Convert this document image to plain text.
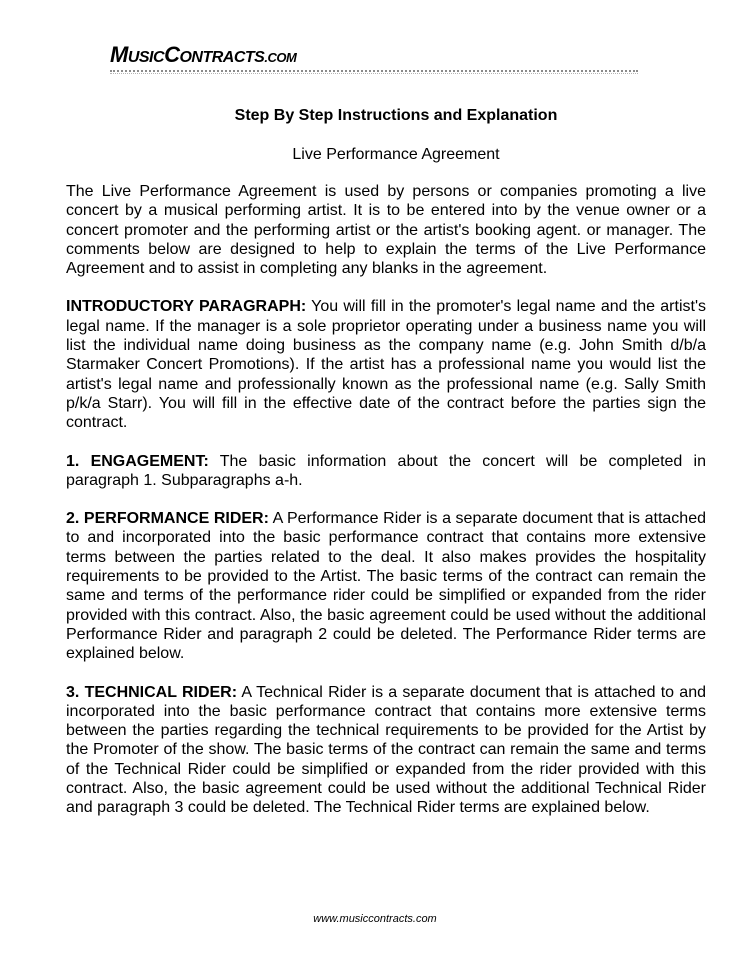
MUSICCONTRACTS.COM
Step By Step Instructions and Explanation
Live Performance Agreement

The Live Performance Agreement is used by persons or companies promoting a live concert by a musical performing artist. It is to be entered into by the venue owner or a concert promoter and the performing artist or the artist's booking agent. or manager. The comments below are designed to help to explain the terms of the Live Performance Agreement and to assist in completing any blanks in the agreement.

INTRODUCTORY PARAGRAPH: You will fill in the promoter's legal name and the artist's legal name. If the manager is a sole proprietor operating under a business name you will list the individual name doing business as the company name (e.g. John Smith d/b/a Starmaker Concert Promotions). If the artist has a professional name you would list the artist's legal name and professionally known as the professional name (e.g. Sally Smith p/k/a Starr). You will fill in the effective date of the contract before the parties sign the contract.

1. ENGAGEMENT: The basic information about the concert will be completed in paragraph 1. Subparagraphs a-h.

2. PERFORMANCE RIDER: A Performance Rider is a separate document that is attached to and incorporated into the basic performance contract that contains more extensive terms between the parties related to the deal. It also makes provides the hospitality requirements to be provided to the Artist. The basic terms of the contract can remain the same and terms of the performance rider could be simplified or expanded from the rider provided with this contract. Also, the basic agreement could be used without the additional Performance Rider and paragraph 2 could be deleted. The Performance Rider terms are explained below.

3. TECHNICAL RIDER: A Technical Rider is a separate document that is attached to and incorporated into the basic performance contract that contains more extensive terms between the parties regarding the technical requirements to be provided for the Artist by the Promoter of the show. The basic terms of the contract can remain the same and terms of the Technical Rider could be simplified or expanded from the rider provided with this contract. Also, the basic agreement could be used without the additional Technical Rider and paragraph 3 could be deleted. The Technical Rider terms are explained below.

www.musiccontracts.com
